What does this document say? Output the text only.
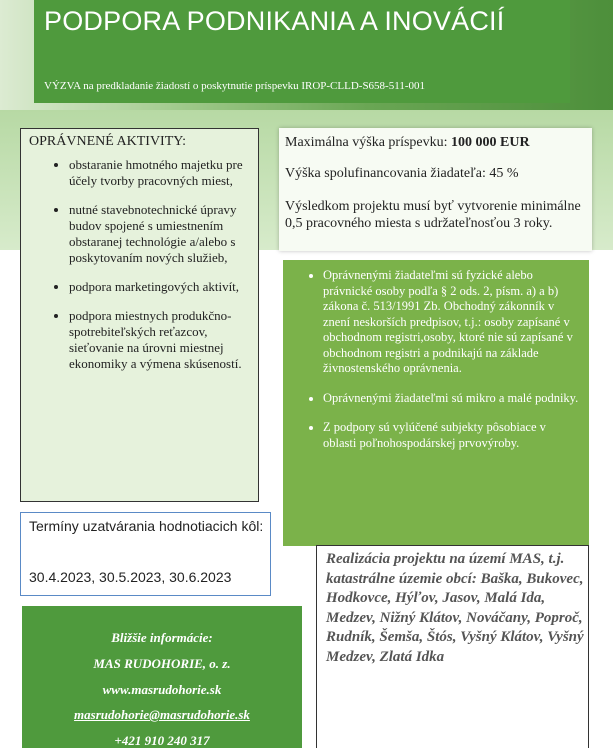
PODPORA PODNIKANIA A INOVÁCIÍ
VÝZVA na predkladanie žiadostí o poskytnutie príspevku IROP-CLLD-S658-511-001
OPRÁVNENÉ AKTIVITY:
• obstaranie hmotného majetku pre účely tvorby pracovných miest,
• nutné stavebnotechnické úpravy budov spojené s umiestnením obstaranej technológie a/alebo s poskytovaním nových služieb,
• podpora marketingových aktivít,
• podpora miestnych produkčno-spotrebiteľských reťazcov, sieťovanie na úrovni miestnej ekonomiky a výmena skúseností.
Maximálna výška príspevku: 100 000 EUR
Výška spolufinancovania žiadateľa: 45 %
Výsledkom projektu musí byť vytvorenie minimálne 0,5 pracovného miesta s udržateľnosťou 3 roky.
• Oprávnenými žiadateľmi sú fyzické alebo právnické osoby podľa § 2 ods. 2, písm. a) a b) zákona č. 513/1991 Zb. Obchodný zákonník v znení neskorších predpisov, t.j.: osoby zapísané v obchodnom registri,osoby, ktoré nie sú zapísané v obchodnom registri a podnikajú na základe živnostenského oprávnenia.
• Oprávnenými žiadateľmi sú mikro a malé podniky.
• Z podpory sú vylúčené subjekty pôsobiace v oblasti poľnohospodárskej prvovýroby.
Termíny uzatvárania hodnotiacich kôl:
30.4.2023, 30.5.2023, 30.6.2023
Bližšie informácie:
MAS RUDOHORIE, o. z.
www.masrudohorie.sk
masrudohorie@masrudohorie.sk
+421 910 240 317
Realizácia projektu na území MAS, t.j. katastrálne územie obcí: Baška, Bukovec, Hodkovce, Hýľov, Jasov, Malá Ida, Medzev, Nižný Klátov, Nováčany, Poproč, Rudník, Šemša, Štós, Vyšný Klátov, Vyšný Medzev, Zlatá Idka
